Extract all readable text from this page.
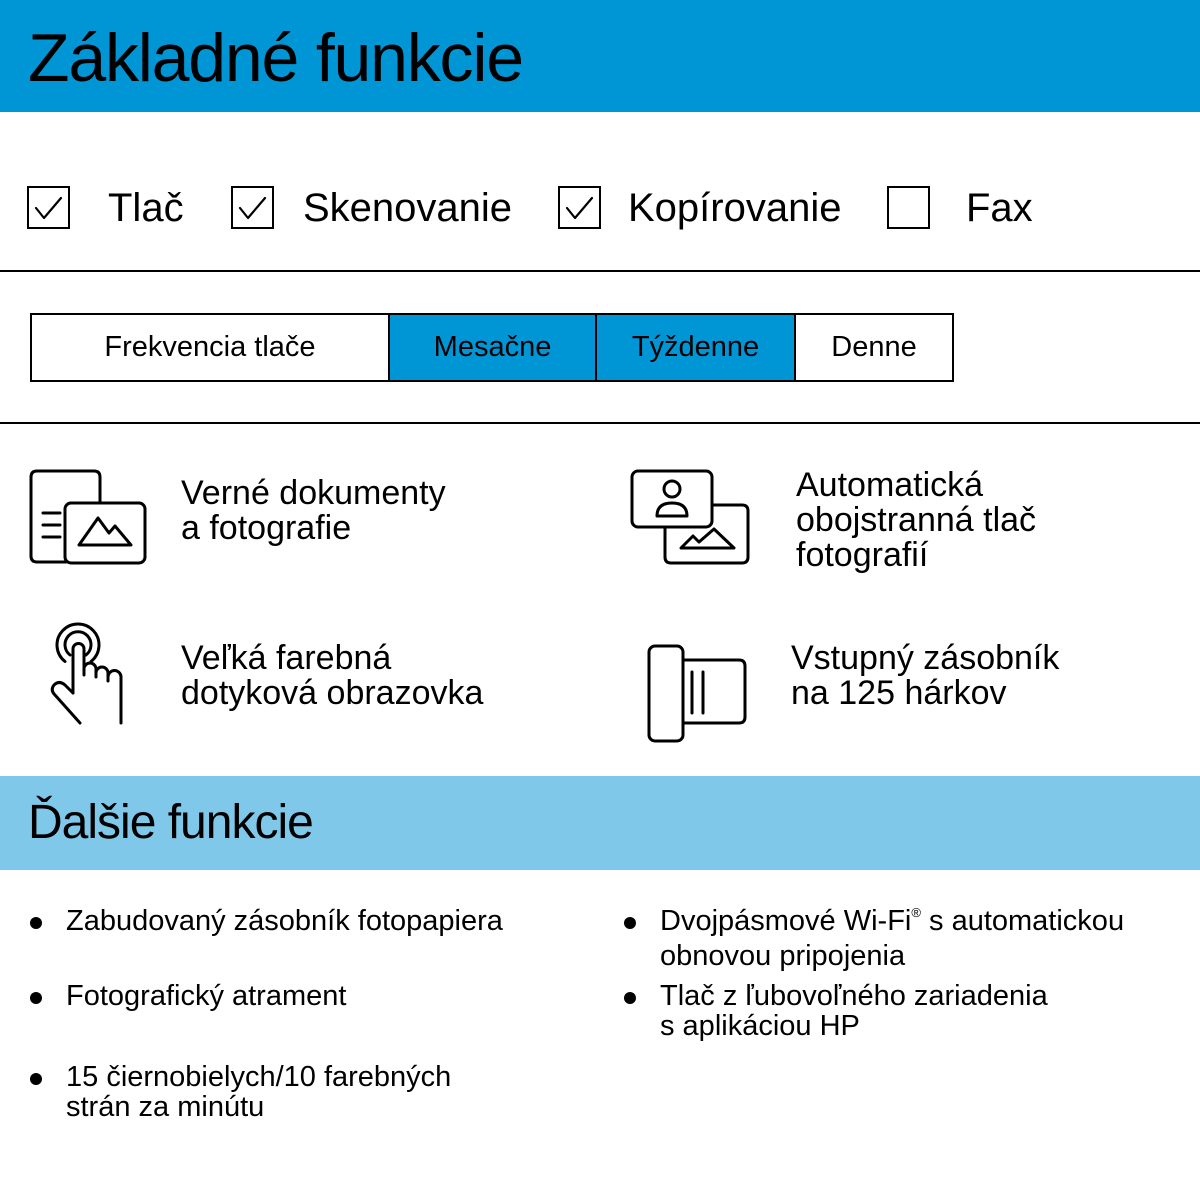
Základné funkcie
Tlač	Skenovanie	Kopírovanie	Fax
Frekvencia tlače	Mesačne	Týždenne	Denne
Verné dokumenty
a fotografie
Automatická
obojstranná tlač
fotografií
Veľká farebná
dotyková obrazovka
Vstupný zásobník
na 125 hárkov
Ďalšie funkcie
Zabudovaný zásobník fotopapiera
Fotografický atrament
15 čiernobielych/10 farebných
strán za minútu
Dvojpásmové Wi-Fi® s automatickou
obnovou pripojenia
Tlač z ľubovoľného zariadenia
s aplikáciou HP
